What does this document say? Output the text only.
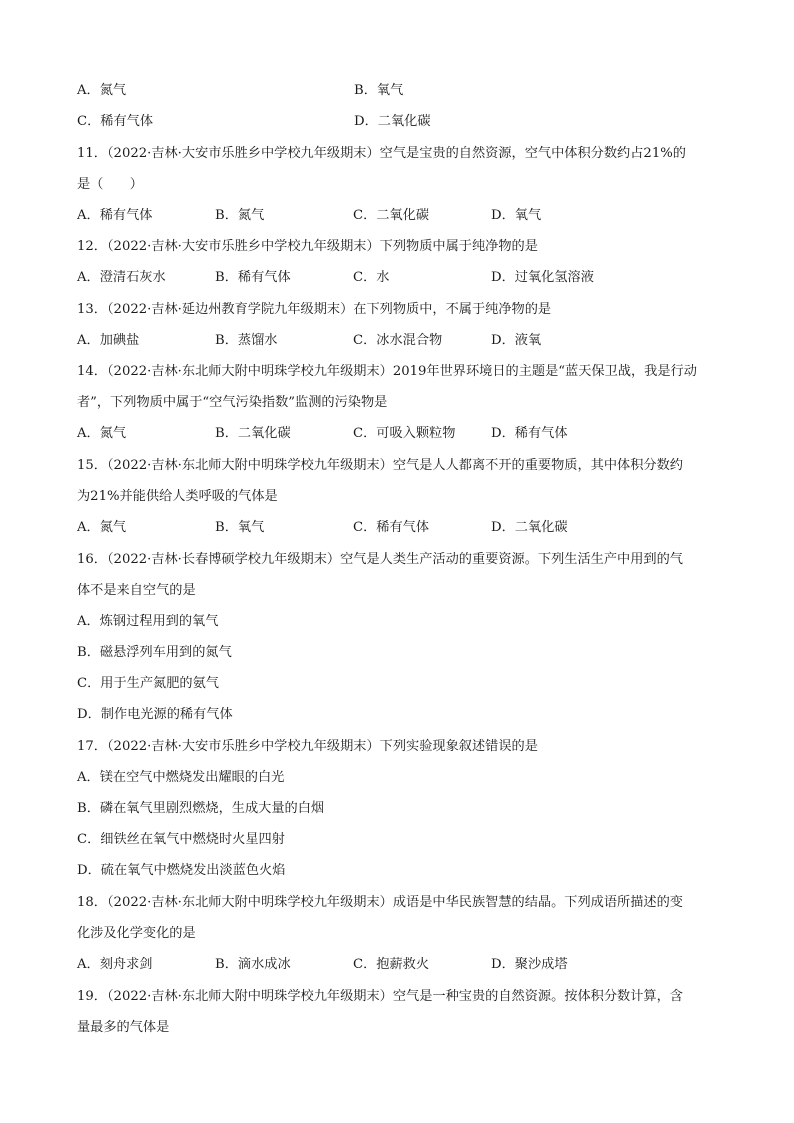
A．氮气	B．氧气
C．稀有气体	D．二氧化碳
11．（2022·吉林·大安市乐胜乡中学校九年级期末）空气是宝贵的自然资源，空气中体积分数约占21%的
是（　　）
A．稀有气体	B．氮气	C．二氧化碳	D．氧气
12．（2022·吉林·大安市乐胜乡中学校九年级期末）下列物质中属于纯净物的是
A．澄清石灰水	B．稀有气体	C．水	D．过氧化氢溶液
13．（2022·吉林·延边州教育学院九年级期末）在下列物质中，不属于纯净物的是
A．加碘盐	B．蒸馏水	C．冰水混合物	D．液氧
14．（2022·吉林·东北师大附中明珠学校九年级期末）2019年世界环境日的主题是“蓝天保卫战，我是行动
者”，下列物质中属于“空气污染指数”监测的污染物是
A．氮气	B．二氧化碳	C．可吸入颗粒物	D．稀有气体
15．（2022·吉林·东北师大附中明珠学校九年级期末）空气是人人都离不开的重要物质，其中体积分数约
为21%并能供给人类呼吸的气体是
A．氮气	B．氧气	C．稀有气体	D．二氧化碳
16．（2022·吉林·长春博硕学校九年级期末）空气是人类生产活动的重要资源。下列生活生产中用到的气
体不是来自空气的是
A．炼钢过程用到的氧气
B．磁悬浮列车用到的氮气
C．用于生产氮肥的氨气
D．制作电光源的稀有气体
17．（2022·吉林·大安市乐胜乡中学校九年级期末）下列实验现象叙述错误的是
A．镁在空气中燃烧发出耀眼的白光
B．磷在氧气里剧烈燃烧，生成大量的白烟
C．细铁丝在氧气中燃烧时火星四射
D．硫在氧气中燃烧发出淡蓝色火焰
18．（2022·吉林·东北师大附中明珠学校九年级期末）成语是中华民族智慧的结晶。下列成语所描述的变
化涉及化学变化的是
A．刻舟求剑	B．滴水成冰	C．抱薪救火	D．聚沙成塔
19．（2022·吉林·东北师大附中明珠学校九年级期末）空气是一种宝贵的自然资源。按体积分数计算，含
量最多的气体是
